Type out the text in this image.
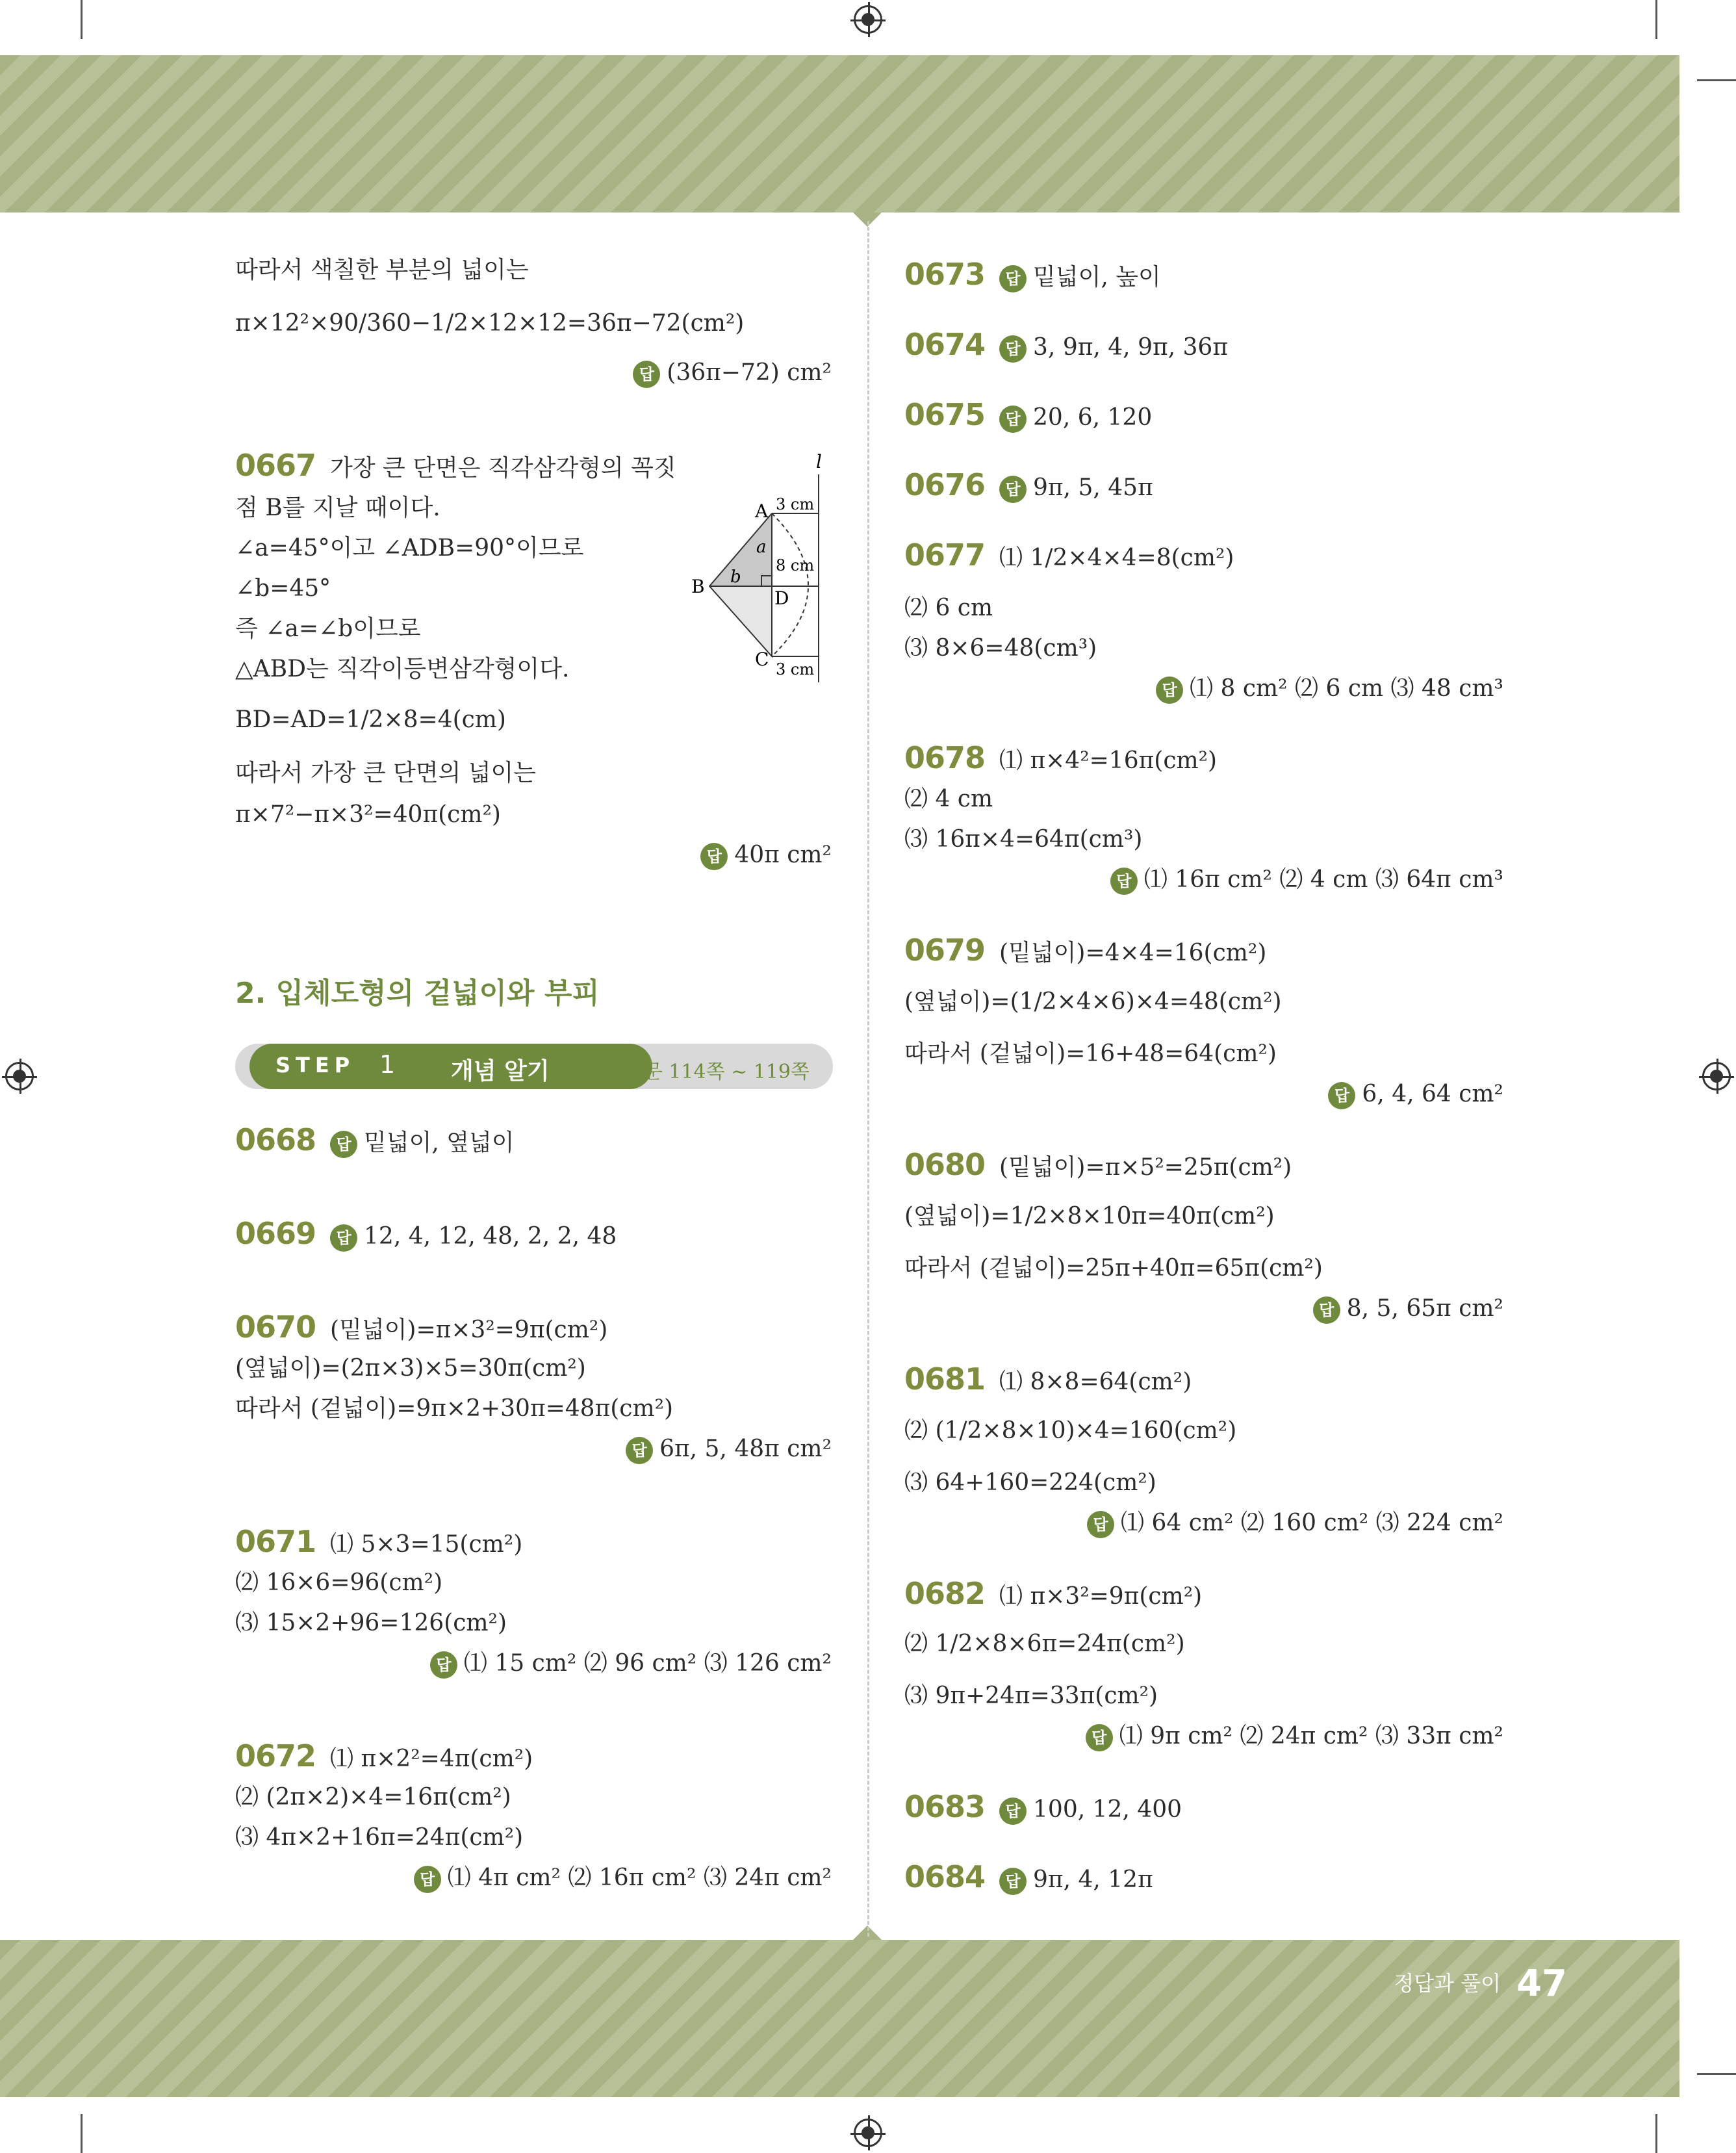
따라서 색칠한 부분의 넓이는
π×12²×90/360−1/2×12×12=36π−72(cm²)
답 (36π−72) cm²
0667 가장 큰 단면은 직각삼각형의 꼭짓
점 B를 지날 때이다.
∠a=45°이고 ∠ADB=90°이므로
∠b=45°
즉 ∠a=∠b이므로
△ABD는 직각이등변삼각형이다.
BD=AD=1/2×8=4(cm)
따라서 가장 큰 단면의 넓이는
π×7²−π×3²=40π(cm²)
답 40π cm²
l
A
B
C
D
a
b
3 cm
8 cm
3 cm
2. 입체도형의 겉넓이와 부피
STEP 1 개념 알기	본문 114쪽 ~ 119쪽
0668 답 밑넓이, 옆넓이
0669 답 12, 4, 12, 48, 2, 2, 48
0670 (밑넓이)=π×3²=9π(cm²)
(옆넓이)=(2π×3)×5=30π(cm²)
따라서 (겉넓이)=9π×2+30π=48π(cm²)
답 6π, 5, 48π cm²
0671 ⑴ 5×3=15(cm²)
⑵ 16×6=96(cm²)
⑶ 15×2+96=126(cm²)
답 ⑴ 15 cm² ⑵ 96 cm² ⑶ 126 cm²
0672 ⑴ π×2²=4π(cm²)
⑵ (2π×2)×4=16π(cm²)
⑶ 4π×2+16π=24π(cm²)
답 ⑴ 4π cm² ⑵ 16π cm² ⑶ 24π cm²
0673 답 밑넓이, 높이
0674 답 3, 9π, 4, 9π, 36π
0675 답 20, 6, 120
0676 답 9π, 5, 45π
0677 ⑴ 1/2×4×4=8(cm²)
⑵ 6 cm
⑶ 8×6=48(cm³)
답 ⑴ 8 cm² ⑵ 6 cm ⑶ 48 cm³
0678 ⑴ π×4²=16π(cm²)
⑵ 4 cm
⑶ 16π×4=64π(cm³)
답 ⑴ 16π cm² ⑵ 4 cm ⑶ 64π cm³
0679 (밑넓이)=4×4=16(cm²)
(옆넓이)=(1/2×4×6)×4=48(cm²)
따라서 (겉넓이)=16+48=64(cm²)
답 6, 4, 64 cm²
0680 (밑넓이)=π×5²=25π(cm²)
(옆넓이)=1/2×8×10π=40π(cm²)
따라서 (겉넓이)=25π+40π=65π(cm²)
답 8, 5, 65π cm²
0681 ⑴ 8×8=64(cm²)
⑵ (1/2×8×10)×4=160(cm²)
⑶ 64+160=224(cm²)
답 ⑴ 64 cm² ⑵ 160 cm² ⑶ 224 cm²
0682 ⑴ π×3²=9π(cm²)
⑵ 1/2×8×6π=24π(cm²)
⑶ 9π+24π=33π(cm²)
답 ⑴ 9π cm² ⑵ 24π cm² ⑶ 33π cm²
0683 답 100, 12, 400
0684 답 9π, 4, 12π
정답과 풀이 47
